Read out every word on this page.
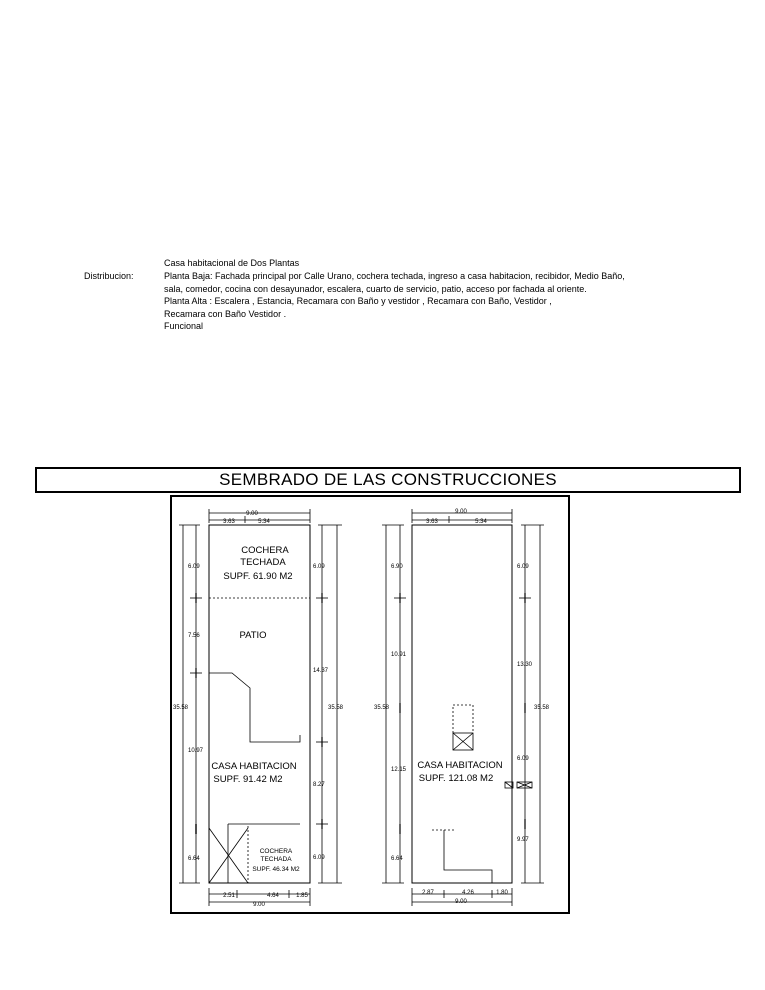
Casa habitacional de Dos Plantas
Distribucion:	Planta Baja: Fachada principal por Calle Urano, cochera techada, ingreso a casa habitacion, recibidor, Medio Baño,
sala, comedor, cocina con desayunador, escalera, cuarto de servicio, patio, acceso por fachada al oriente.
Planta Alta : Escalera , Estancia, Recamara con Baño y vestidor , Recamara con Baño, Vestidor ,
Recamara con Baño Vestidor .
Funcional
SEMBRADO DE LAS CONSTRUCCIONES
9.00
3.63	5.34
6.09
7.56
10.97
6.64
35.58
6.09
14.37
8.27
6.09
35.58
COCHERA
TECHADA
SUPF. 61.90 M2
PATIO
CASA HABITACION
SUPF. 91.42 M2
COCHERA
TECHADA
SUPF. 46.34 M2
2.51	4.64	1.85
9.00
9.00
3.63	5.34
6.90
10.91
12.15
6.64
35.58
6.09
13.30
6.09
9.97
35.58
CASA HABITACION
SUPF. 121.08 M2
2.87	4.26	1.80
9.00
